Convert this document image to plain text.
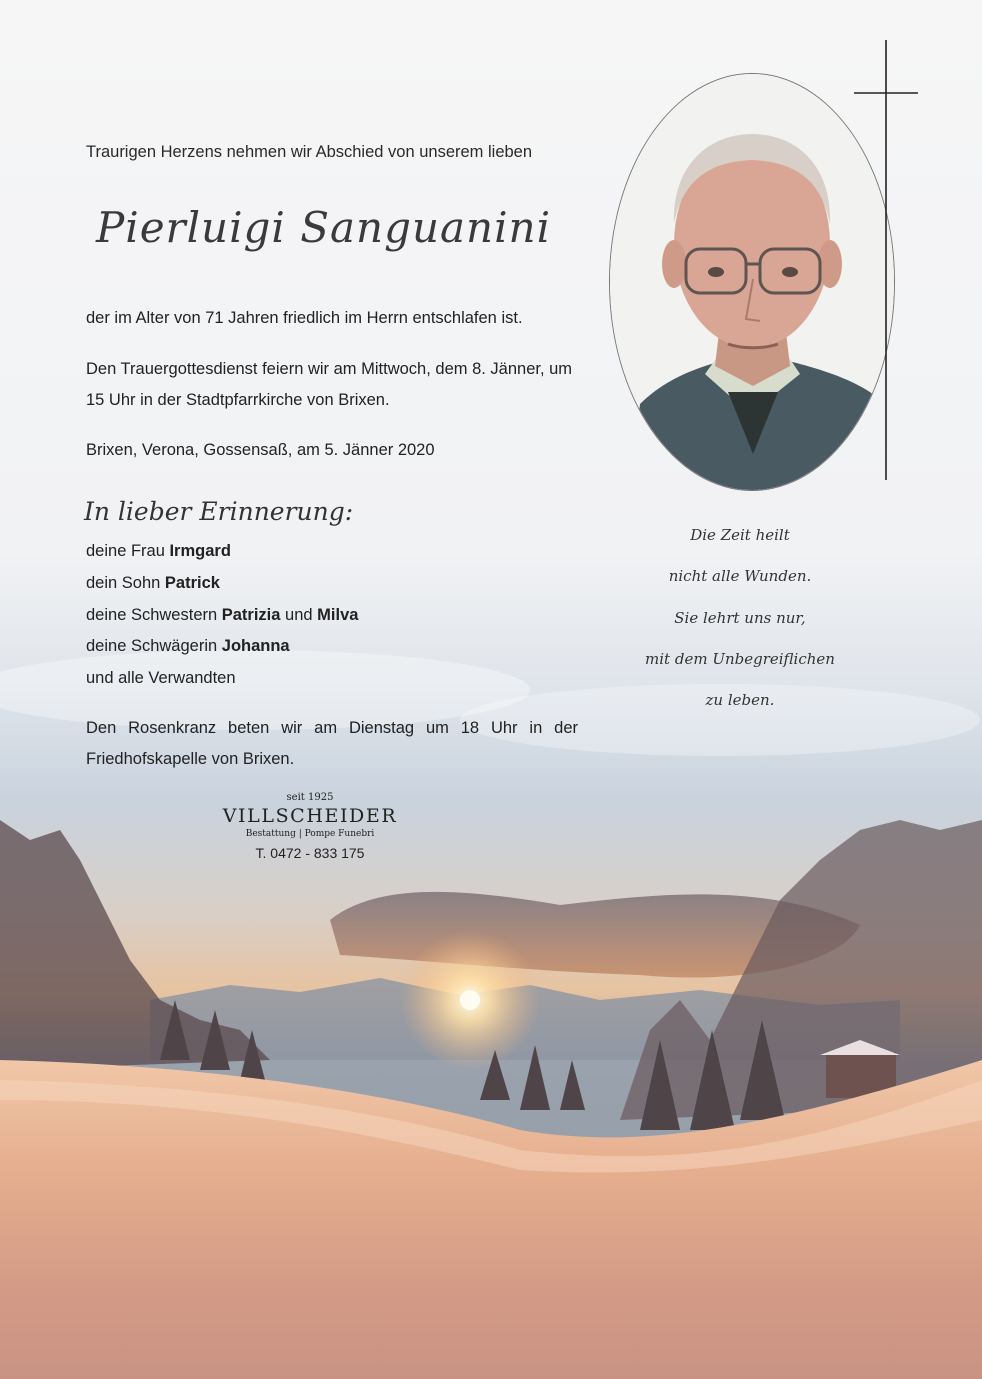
Traurigen Herzens nehmen wir Abschied von unserem lieben
Pierluigi Sanguanini
der im Alter von 71 Jahren friedlich im Herrn entschlafen ist.
Den Trauergottesdienst feiern wir am Mittwoch, dem 8. Jänner, um 15 Uhr in der Stadtpfarrkirche von Brixen.
Brixen, Verona, Gossensaß, am 5. Jänner 2020
In lieber Erinnerung:
deine Frau Irmgard
dein Sohn Patrick
deine Schwestern Patrizia und Milva
deine Schwägerin Johanna
und alle Verwandten
Den Rosenkranz beten wir am Dienstag um 18 Uhr in der Friedhofskapelle von Brixen.
seit 1925
VILLSCHEIDER
Bestattung | Pompe Funebri
T. 0472 - 833 175
Die Zeit heilt
nicht alle Wunden.
Sie lehrt uns nur,
mit dem Unbegreiflichen
zu leben.
